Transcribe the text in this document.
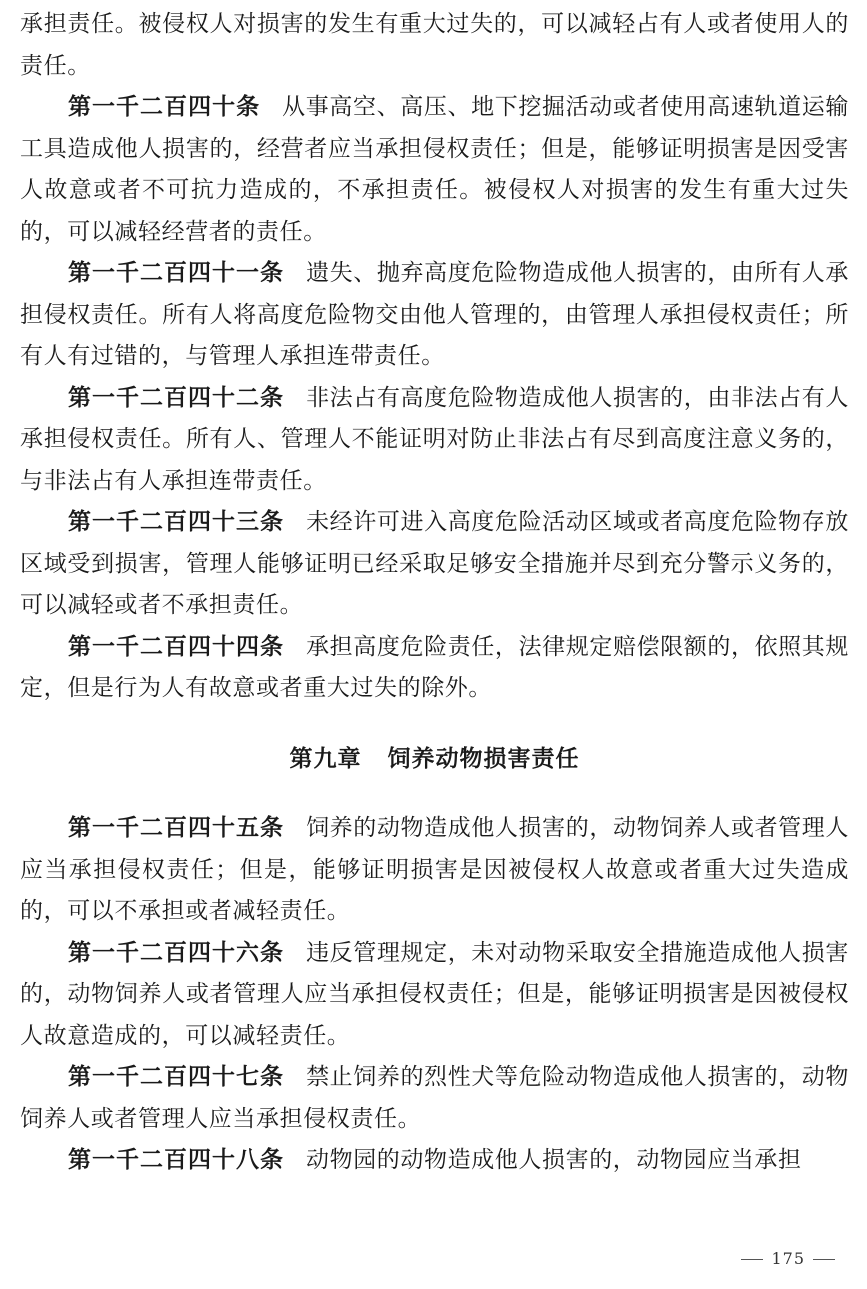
承担责任。被侵权人对损害的发生有重大过失的，可以减轻占有人或者使用人的责任。

第一千二百四十条 从事高空、高压、地下挖掘活动或者使用高速轨道运输工具造成他人损害的，经营者应当承担侵权责任；但是，能够证明损害是因受害人故意或者不可抗力造成的，不承担责任。被侵权人对损害的发生有重大过失的，可以减轻经营者的责任。

第一千二百四十一条 遗失、抛弃高度危险物造成他人损害的，由所有人承担侵权责任。所有人将高度危险物交由他人管理的，由管理人承担侵权责任；所有人有过错的，与管理人承担连带责任。

第一千二百四十二条 非法占有高度危险物造成他人损害的，由非法占有人承担侵权责任。所有人、管理人不能证明对防止非法占有尽到高度注意义务的，与非法占有人承担连带责任。

第一千二百四十三条 未经许可进入高度危险活动区域或者高度危险物存放区域受到损害，管理人能够证明已经采取足够安全措施并尽到充分警示义务的，可以减轻或者不承担责任。

第一千二百四十四条 承担高度危险责任，法律规定赔偿限额的，依照其规定，但是行为人有故意或者重大过失的除外。

第九章 饲养动物损害责任

第一千二百四十五条 饲养的动物造成他人损害的，动物饲养人或者管理人应当承担侵权责任；但是，能够证明损害是因被侵权人故意或者重大过失造成的，可以不承担或者减轻责任。

第一千二百四十六条 违反管理规定，未对动物采取安全措施造成他人损害的，动物饲养人或者管理人应当承担侵权责任；但是，能够证明损害是因被侵权人故意造成的，可以减轻责任。

第一千二百四十七条 禁止饲养的烈性犬等危险动物造成他人损害的，动物饲养人或者管理人应当承担侵权责任。

第一千二百四十八条 动物园的动物造成他人损害的，动物园应当承担

175
